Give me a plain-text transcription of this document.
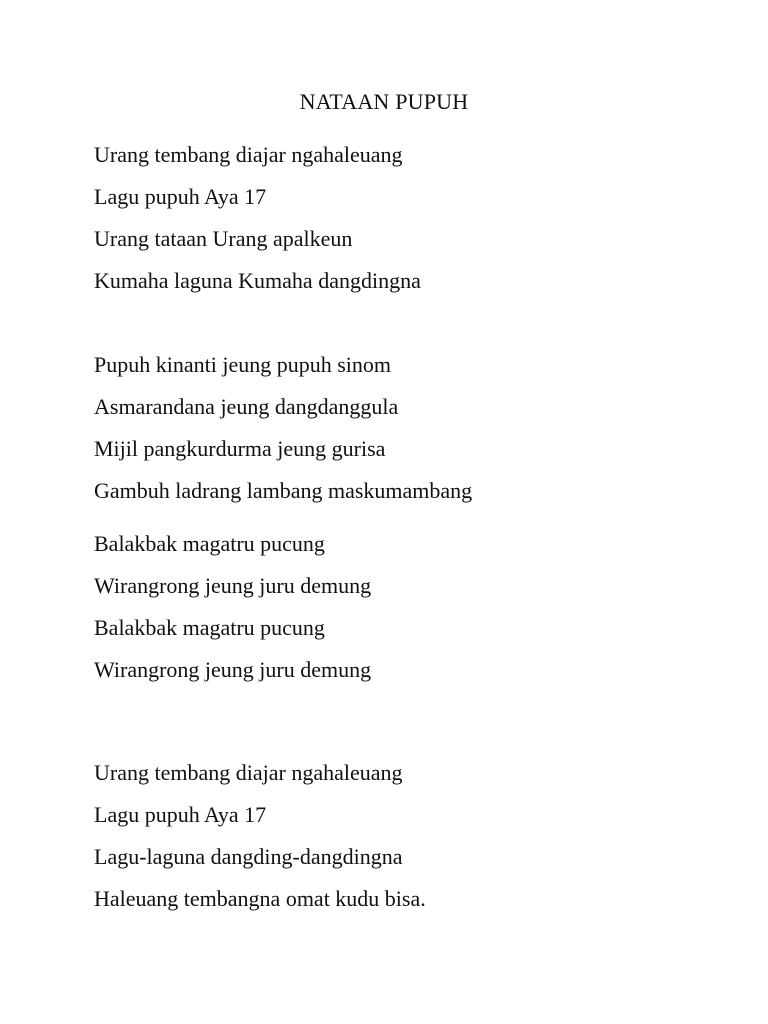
NATAAN PUPUH
Urang tembang diajar ngahaleuang
Lagu pupuh Aya 17
Urang tataan Urang apalkeun
Kumaha laguna Kumaha dangdingna
Pupuh kinanti jeung pupuh sinom
Asmarandana jeung dangdanggula
Mijil pangkurdurma jeung gurisa
Gambuh ladrang lambang maskumambang
Balakbak magatru pucung
Wirangrong jeung juru demung
Balakbak magatru pucung
Wirangrong jeung juru demung
Urang tembang diajar ngahaleuang
Lagu pupuh Aya 17
Lagu-laguna dangding-dangdingna
Haleuang tembangna omat kudu bisa.
